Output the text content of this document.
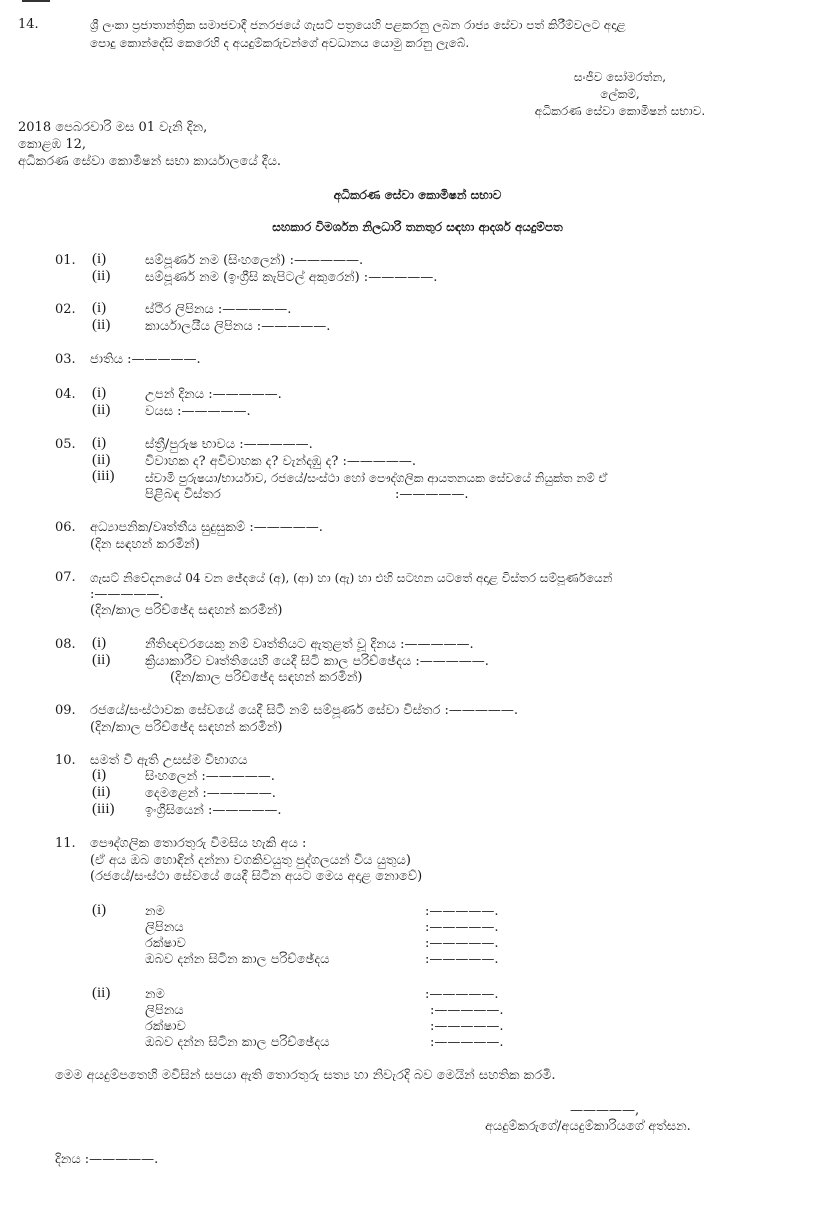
14.	ශ්‍රී ලංකා ප්‍රජාතාන්ත්‍රික සමාජවාදී ජනරජයේ ගැසට් පත්‍රයෙහි පළකරනු ලබන රාජ්‍ය සේවා පත් කිරීම්වලට අදාළ
පොදු කොන්දේසි කෙරෙහි ද අයදුම්කරුවන්ගේ අවධානය යොමු කරනු ලැබේ.
සංජීව සෝමරත්න,
ලේකම්,
අධිකරණ සේවා කොමිෂන් සභාව.
2018 පෙබරවාරි මස 01 වැනි දින,
කොළඹ 12,
අධිකරණ සේවා කොමිෂන් සභා කාර්යාලයේ දීය.
අධිකරණ සේවා කොමිෂන් සභාව
සහකාර විමර්ශන නිලධාරි තනතුර සඳහා ආදර්ශ අයදුම්පත
01. (i)	සම්පූර්ණ නම (සිංහලෙන්) :—————.
(ii)	සම්පූර්ණ නම (ඉංග්‍රීසි කැපිටල් අකුරෙන්) :—————.
02. (i)	ස්ථිර ලිපිනය :—————.
(ii)	කාර්යාලයීය ලිපිනය :—————.
03. ජාතිය :—————.
04. (i)	උපන් දිනය :—————.
(ii)	වයස :—————.
05. (i)	ස්ත්‍රී/පුරුෂ භාවය :—————.
(ii)	විවාහක ද? අවිවාහක ද? වැන්දඹු ද? :—————.
(iii)	ස්වාමි පුරුෂයා/භාර්යාව, රජයේ/සංස්ථා හෝ පෞද්ගලික ආයතනයක සේවයේ නියුක්ත නම් ඒ
පිළිබඳ විස්තර	:—————.
06. අධ්‍යාපනික/වෘත්තීය සුදුසුකම් :—————.
(දින සඳහන් කරමින්)
07. ගැසට් නිවේදනයේ 04 වන ඡේදයේ (අ), (ආ) හා (ඇ) හා එහි සටහන යටතේ අදාළ විස්තර සම්පූර්ණයෙන්
:—————.
(දින/කාල පරිච්ඡේද සඳහන් කරමින්)
08. (i)	නීතිඥවරයෙකු නම් වෘත්තියට ඇතුළත් වූ දිනය :—————.
(ii)	ක්‍රියාකාරීව වෘත්තියෙහි යෙදී සිටි කාල පරිච්ඡේදය :—————.
(දින/කාල පරිච්ඡේද සඳහන් කරමින්)
09. රජයේ/සංස්ථාවක සේවයේ යෙදී සිටී නම් සම්පූර්ණ සේවා විස්තර :—————.
(දින/කාල පරිච්ඡේද සඳහන් කරමින්)
10. සමත් වී ඇති උසස්ම විභාගය
(i)	සිංහලෙන් :—————.
(ii)	දෙමළෙන් :—————.
(iii) ඉංග්‍රීසියෙන් :—————.
11. පෞද්ගලික තොරතුරු විමසිය හැකි අය :
(ඒ අය ඔබ හොඳින් දන්නා වගකිවයුතු පුද්ගලයන් විය යුතුය)
(රජයේ/සංස්ථා සේවයේ යෙදී සිටින අයට මෙය අදාළ නොවේ)
(i)	නම	:—————.
ලිපිනය	:—————.
රක්ෂාව	:—————.
ඔබව දන්න සිටින කාල පරිච්ඡේදය	:—————.
(ii)	නම	:—————.
ලිපිනය	:—————.
රක්ෂාව	:—————.
ඔබව දන්න සිටින කාල පරිච්ඡේදය	:—————.
මෙම අයදුම්පතෙහි මවිසින් සපයා ඇති තොරතුරු සත්‍ය හා නිවැරදි බව මෙයින් සහතික කරමි.
—————,
අයදුම්කරුගේ/අයදුම්කාරියගේ අත්සන.
දිනය :—————.
